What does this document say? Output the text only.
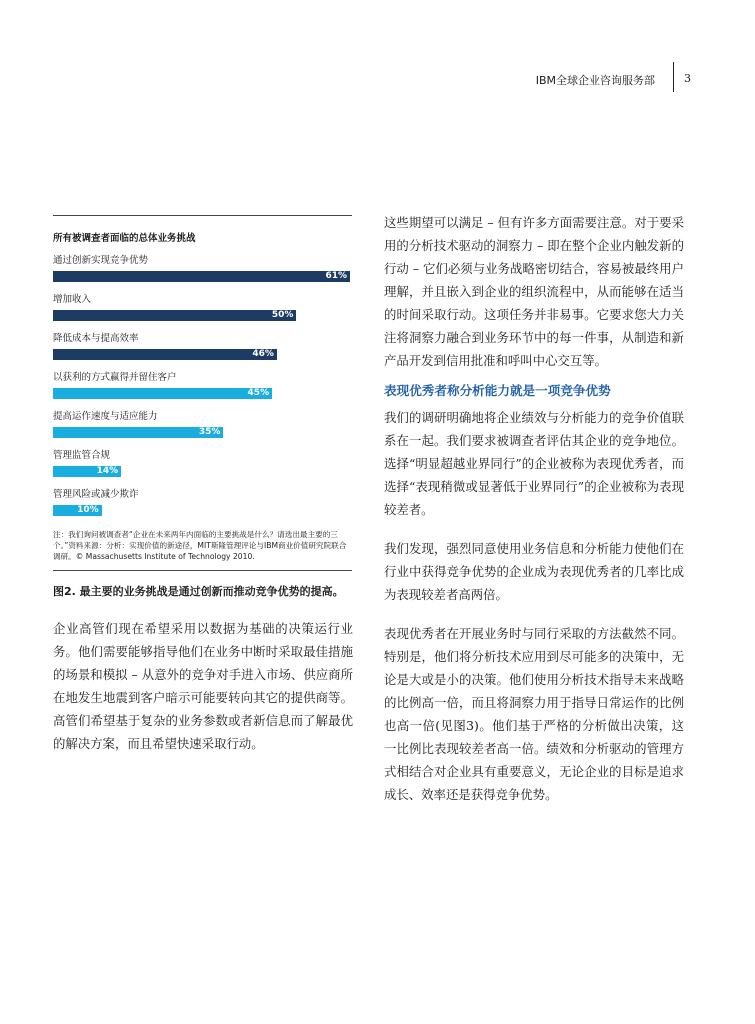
IBM全球企业咨询服务部	3
所有被调查者面临的总体业务挑战
通过创新实现竞争优势
61%
增加收入
50%
降低成本与提高效率
46%
以获利的方式赢得并留住客户
45%
提高运作速度与适应能力
35%
管理监管合规
14%
管理风险或减少欺诈
10%
注：我们询问被调查者“企业在未来两年内面临的主要挑战是什么？请选出最主要的三个。”资料来源：分析：实现价值的新途径，MIT斯隆管理评论与IBM商业价值研究院联合调研。© Massachusetts Institute of Technology 2010.
图2. 最主要的业务挑战是通过创新而推动竞争优势的提高。
企业高管们现在希望采用以数据为基础的决策运行业务。他们需要能够指导他们在业务中断时采取最佳措施的场景和模拟 – 从意外的竞争对手进入市场、供应商所在地发生地震到客户暗示可能要转向其它的提供商等。高管们希望基于复杂的业务参数或者新信息而了解最优的解决方案，而且希望快速采取行动。

这些期望可以满足 – 但有许多方面需要注意。对于要采用的分析技术驱动的洞察力 – 即在整个企业内触发新的行动 – 它们必须与业务战略密切结合，容易被最终用户理解，并且嵌入到企业的组织流程中，从而能够在适当的时间采取行动。这项任务并非易事。它要求您大力关注将洞察力融合到业务环节中的每一件事，从制造和新产品开发到信用批准和呼叫中心交互等。

表现优秀者称分析能力就是一项竞争优势

我们的调研明确地将企业绩效与分析能力的竞争价值联系在一起。我们要求被调查者评估其企业的竞争地位。选择“明显超越业界同行”的企业被称为表现优秀者，而选择“表现稍微或显著低于业界同行”的企业被称为表现较差者。

我们发现，强烈同意使用业务信息和分析能力使他们在行业中获得竞争优势的企业成为表现优秀者的几率比成为表现较差者高两倍。

表现优秀者在开展业务时与同行采取的方法截然不同。特别是，他们将分析技术应用到尽可能多的决策中，无论是大或是小的决策。他们使用分析技术指导未来战略的比例高一倍，而且将洞察力用于指导日常运作的比例也高一倍(见图3)。他们基于严格的分析做出决策，这一比例比表现较差者高一倍。绩效和分析驱动的管理方式相结合对企业具有重要意义，无论企业的目标是追求成长、效率还是获得竞争优势。
